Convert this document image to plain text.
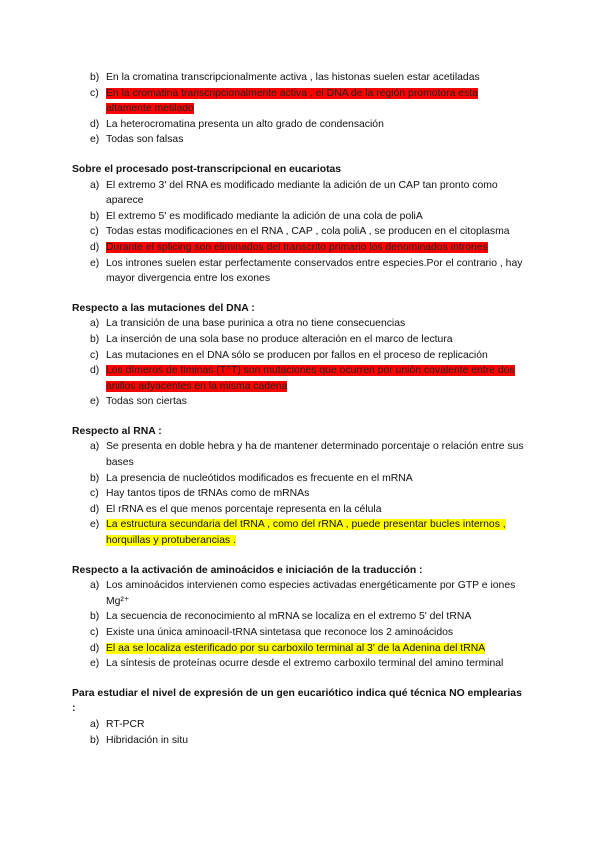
b) En la cromatina transcripcionalmente activa , las histonas suelen estar acetiladas
c) En la cromatina transcripcionalmente activa , el DNA de la región promotora esta altamente metilado
d) La heterocromatina presenta un alto grado de condensación
e) Todas son falsas

Sobre el procesado post-transcripcional en eucariotas

a) El extremo 3' del RNA es modificado mediante la adición de un CAP tan pronto como aparece
b) El extremo 5' es modificado mediante la adición de una cola de poliA
c) Todas estas modificaciones en el RNA , CAP , cola poliA , se producen en el citoplasma
d) Durante el splicing son eliminados del transcrito primario los denominados intrones
e) Los intrones suelen estar perfectamente conservados entre especies.Por el contrario , hay mayor divergencia entre los exones

Respecto a las mutaciones del DNA :

a) La transición de una base purinica a otra no tiene consecuencias
b) La inserción de una sola base no produce alteración en el marco de lectura
c) Las mutaciones en el DNA sólo se producen por fallos en el proceso de replicación
d) Los dímeros de timinas (T^T) son mutaciones que ocurren por unión covalente entre dos anillos adyacentes en la misma cadena
e) Todas son ciertas

Respecto al RNA :

a) Se presenta en doble hebra y ha de mantener determinado porcentaje o relación entre sus bases
b) La presencia de nucleótidos modificados es frecuente en el mRNA
c) Hay tantos tipos de tRNAs como de mRNAs
d) El rRNA es el que menos porcentaje representa en la célula
e) La estructura secundaria del tRNA , como del rRNA , puede presentar bucles internos , horquillas y protuberancias .

Respecto a la activación de aminoácidos e iniciación de la traducción :

a) Los aminoácidos intervienen como especies activadas energéticamente por GTP e iones Mg²⁺
b) La secuencia de reconocimiento al mRNA se localiza en el extremo 5' del tRNA
c) Existe una única aminoacil-tRNA sintetasa que reconoce los 2 aminoácidos
d) El aa se localiza esterificado por su carboxilo terminal al 3' de la Adenina del tRNA
e) La síntesis de proteínas ocurre desde el extremo carboxilo terminal del amino terminal

Para estudiar el nivel de expresión de un gen eucariótico indica qué técnica NO emplearias :

a) RT-PCR
b) Hibridación in situ
